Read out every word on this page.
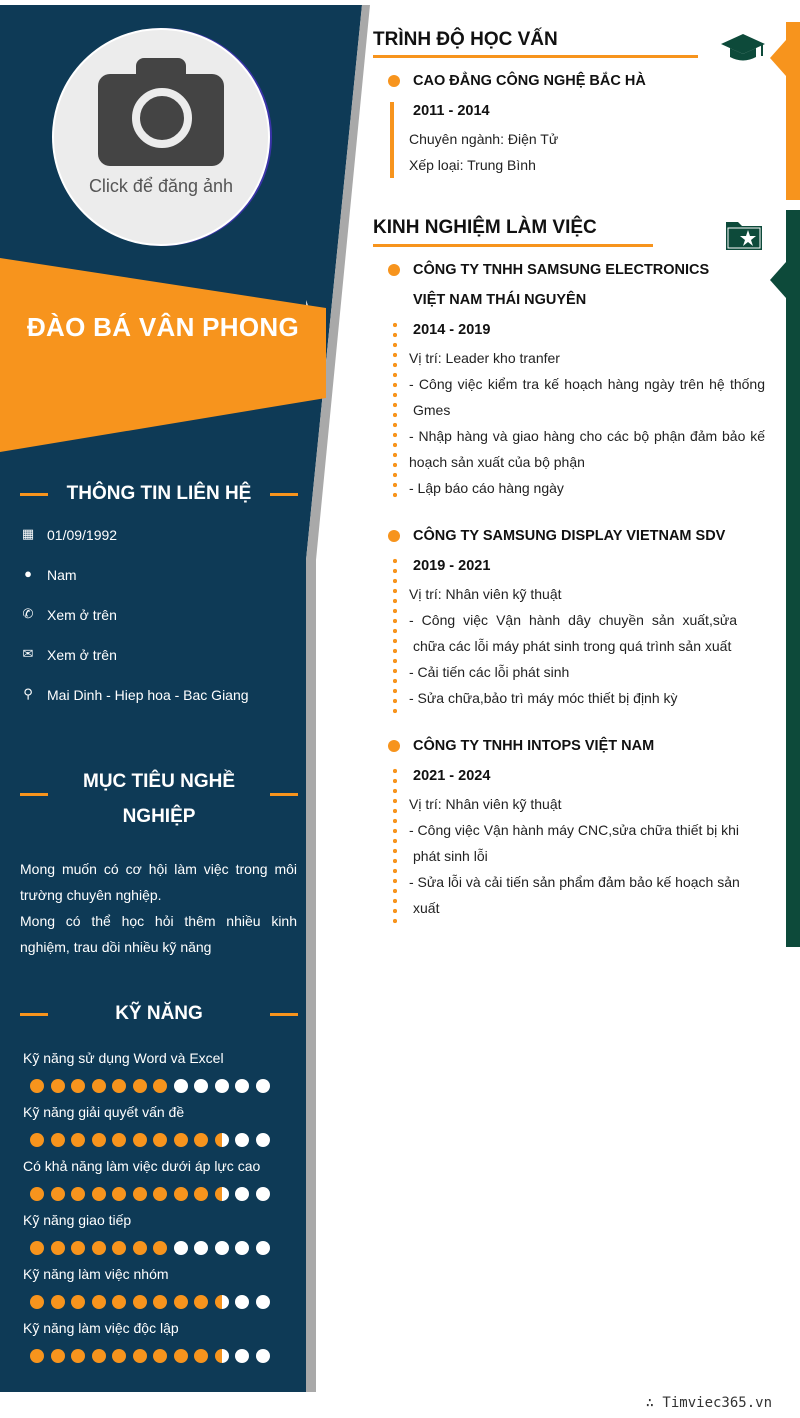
Click để đăng ảnh
ĐÀO BÁ VÂN PHONG
THÔNG TIN LIÊN HỆ
▦ 01/09/1992
● Nam
✆ Xem ở trên
✉ Xem ở trên
⚲ Mai Dinh - Hiep hoa - Bac Giang
MỤC TIÊU NGHỀ
NGHIỆP
Mong muốn có cơ hội làm việc trong môi
trường chuyên nghiệp.
Mong có thể học hỏi thêm nhiều kinh
nghiệm, trau dồi nhiều kỹ năng
KỸ NĂNG
Kỹ năng sử dụng Word và Excel
Kỹ năng giải quyết vấn đề
Có khả năng làm việc dưới áp lực cao
Kỹ năng giao tiếp
Kỹ năng làm việc nhóm
Kỹ năng làm việc độc lập
TRÌNH ĐỘ HỌC VẤN
CAO ĐẲNG CÔNG NGHỆ BẮC HÀ
2011 - 2014
Chuyên ngành: Điện Tử
Xếp loại: Trung Bình
KINH NGHIỆM LÀM VIỆC
CÔNG TY TNHH SAMSUNG ELECTRONICS
VIỆT NAM THÁI NGUYÊN
2014 - 2019
Vị trí: Leader kho tranfer
- Công việc kiểm tra kế hoạch hàng ngày trên hệ thống
Gmes
- Nhập hàng và giao hàng cho các bộ phận đảm bảo kế
hoạch sản xuất của bộ phận
- Lập báo cáo hàng ngày
CÔNG TY SAMSUNG DISPLAY VIETNAM SDV
2019 - 2021
Vị trí: Nhân viên kỹ thuật
- Công việc Vận hành dây chuyền sản xuất,sửa
chữa các lỗi máy phát sinh trong quá trình sản xuất
- Cải tiến các lỗi phát sinh
- Sửa chữa,bảo trì máy móc thiết bị định kỳ
CÔNG TY TNHH INTOPS VIỆT NAM
2021 - 2024
Vị trí: Nhân viên kỹ thuật
- Công việc Vận hành máy CNC,sửa chữa thiết bị khi
phát sinh lỗi
- Sửa lỗi và cải tiến sản phẩm đảm bảo kế hoạch sản
xuất
∴ Timviec365.vn
